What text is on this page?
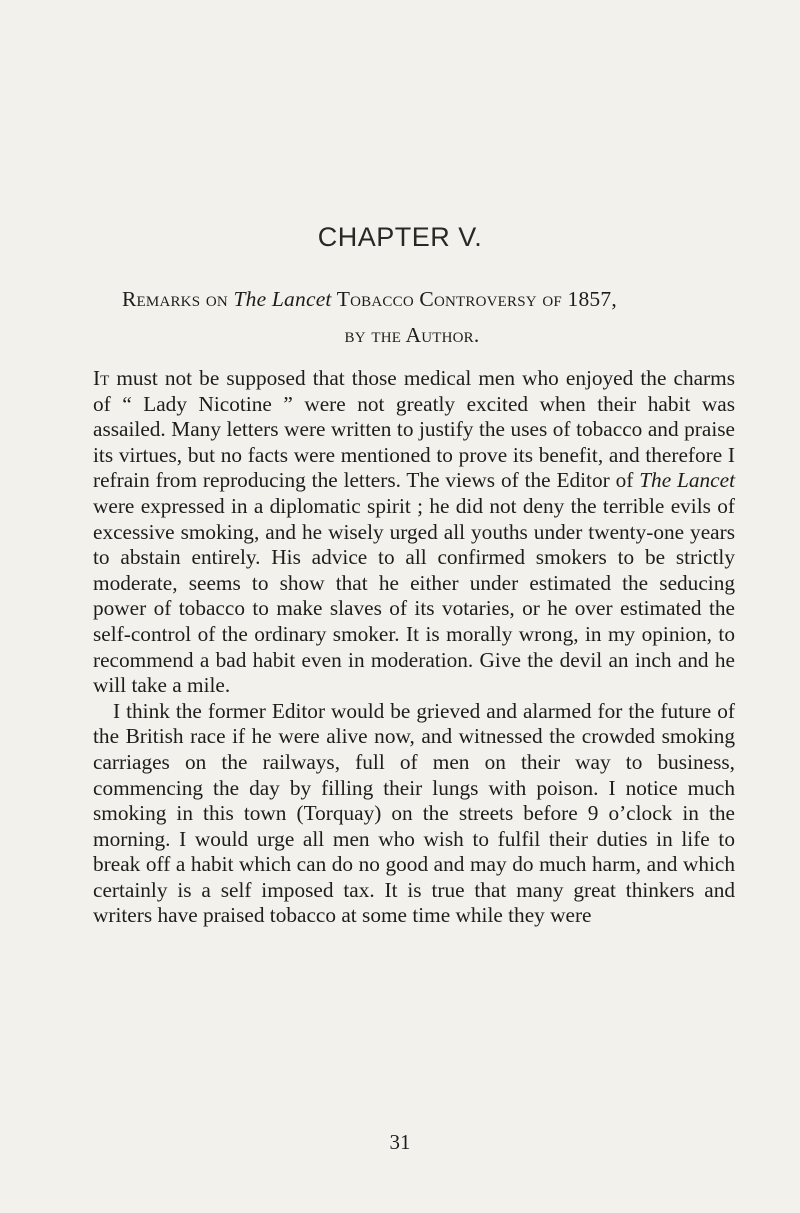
CHAPTER V.
Remarks on The Lancet Tobacco Controversy of 1857,
by the Author.

It must not be supposed that those medical men who enjoyed the charms of “ Lady Nicotine ” were not greatly excited when their habit was assailed. Many letters were written to justify the uses of tobacco and praise its virtues, but no facts were mentioned to prove its benefit, and therefore I refrain from reproducing the letters. The views of the Editor of The Lancet were expressed in a diplomatic spirit ; he did not deny the terrible evils of excessive smoking, and he wisely urged all youths under twenty-one years to abstain entirely. His advice to all confirmed smokers to be strictly moderate, seems to show that he either under estimated the seducing power of tobacco to make slaves of its votaries, or he over estimated the self-control of the ordinary smoker. It is morally wrong, in my opinion, to recommend a bad habit even in moderation. Give the devil an inch and he will take a mile.

I think the former Editor would be grieved and alarmed for the future of the British race if he were alive now, and witnessed the crowded smoking carriages on the railways, full of men on their way to business, commencing the day by filling their lungs with poison. I notice much smoking in this town (Torquay) on the streets before 9 o’clock in the morning. I would urge all men who wish to fulfil their duties in life to break off a habit which can do no good and may do much harm, and which certainly is a self imposed tax. It is true that many great thinkers and writers have praised tobacco at some time while they were

31
